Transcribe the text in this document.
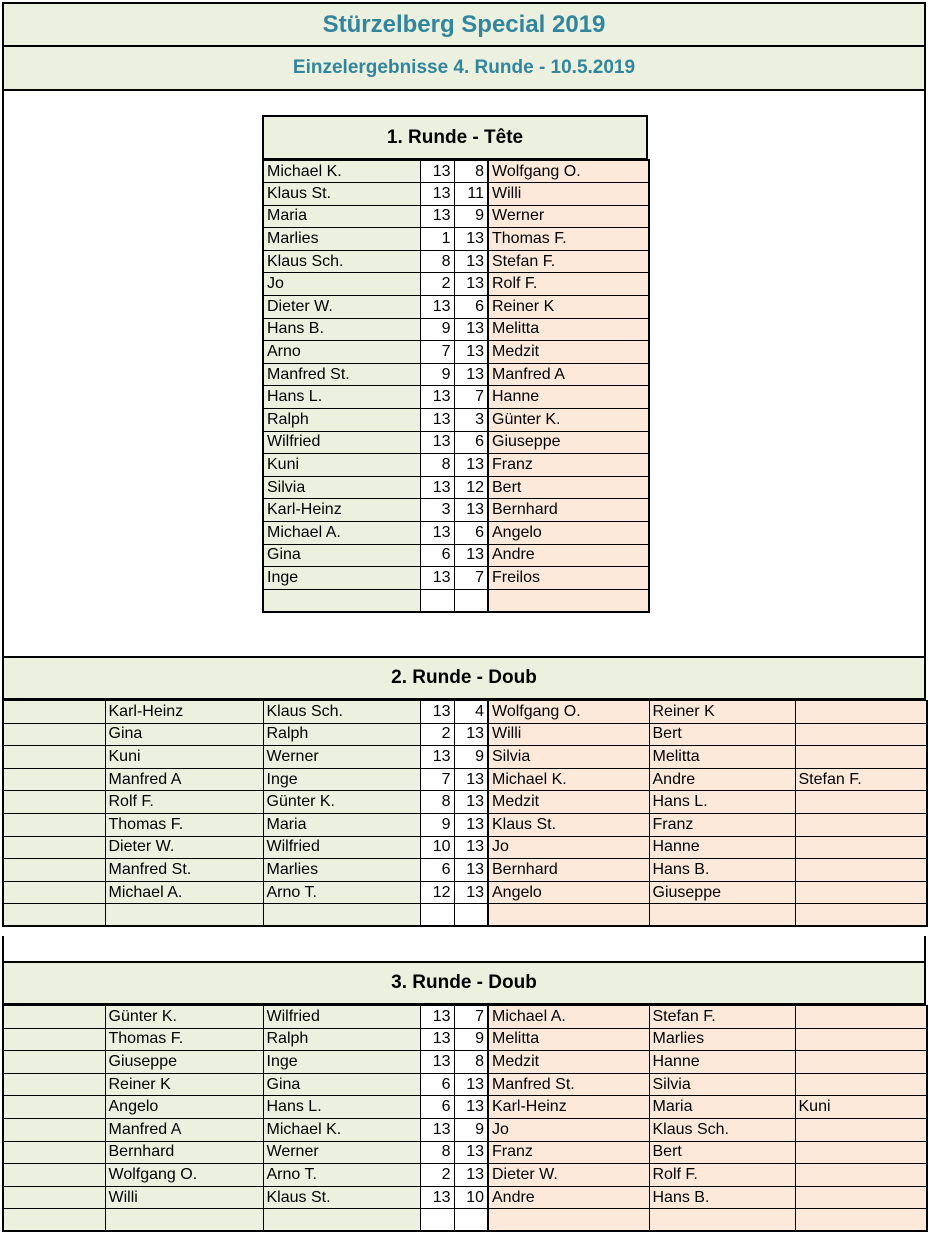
Stürzelberg Special 2019
Einzelergebnisse 4. Runde - 10.5.2019
1. Runde - Tête
Michael K.	13	8	Wolfgang O.
Klaus St.	13	11	Willi
Maria	13	9	Werner
Marlies	1	13	Thomas F.
Klaus Sch.	8	13	Stefan F.
Jo	2	13	Rolf F.
Dieter W.	13	6	Reiner K
Hans B.	9	13	Melitta
Arno	7	13	Medzit
Manfred St.	9	13	Manfred A
Hans L.	13	7	Hanne
Ralph	13	3	Günter K.
Wilfried	13	6	Giuseppe
Kuni	8	13	Franz
Silvia	13	12	Bert
Karl-Heinz	3	13	Bernhard
Michael A.	13	6	Angelo
Gina	6	13	Andre
Inge	13	7	Freilos

2. Runde - Doub
	Karl-Heinz	Klaus Sch.	13	4	Wolfgang O.	Reiner K	
	Gina	Ralph	2	13	Willi	Bert	
	Kuni	Werner	13	9	Silvia	Melitta	
	Manfred A	Inge	7	13	Michael K.	Andre	Stefan F.
	Rolf F.	Günter K.	8	13	Medzit	Hans L.	
	Thomas F.	Maria	9	13	Klaus St.	Franz	
	Dieter W.	Wilfried	10	13	Jo	Hanne	
	Manfred St.	Marlies	6	13	Bernhard	Hans B.	
	Michael A.	Arno T.	12	13	Angelo	Giuseppe	

3. Runde - Doub
	Günter K.	Wilfried	13	7	Michael A.	Stefan F.	
	Thomas F.	Ralph	13	9	Melitta	Marlies	
	Giuseppe	Inge	13	8	Medzit	Hanne	
	Reiner K	Gina	6	13	Manfred St.	Silvia	
	Angelo	Hans L.	6	13	Karl-Heinz	Maria	Kuni
	Manfred A	Michael K.	13	9	Jo	Klaus Sch.	
	Bernhard	Werner	8	13	Franz	Bert	
	Wolfgang O.	Arno T.	2	13	Dieter W.	Rolf F.	
	Willi	Klaus St.	13	10	Andre	Hans B.	
